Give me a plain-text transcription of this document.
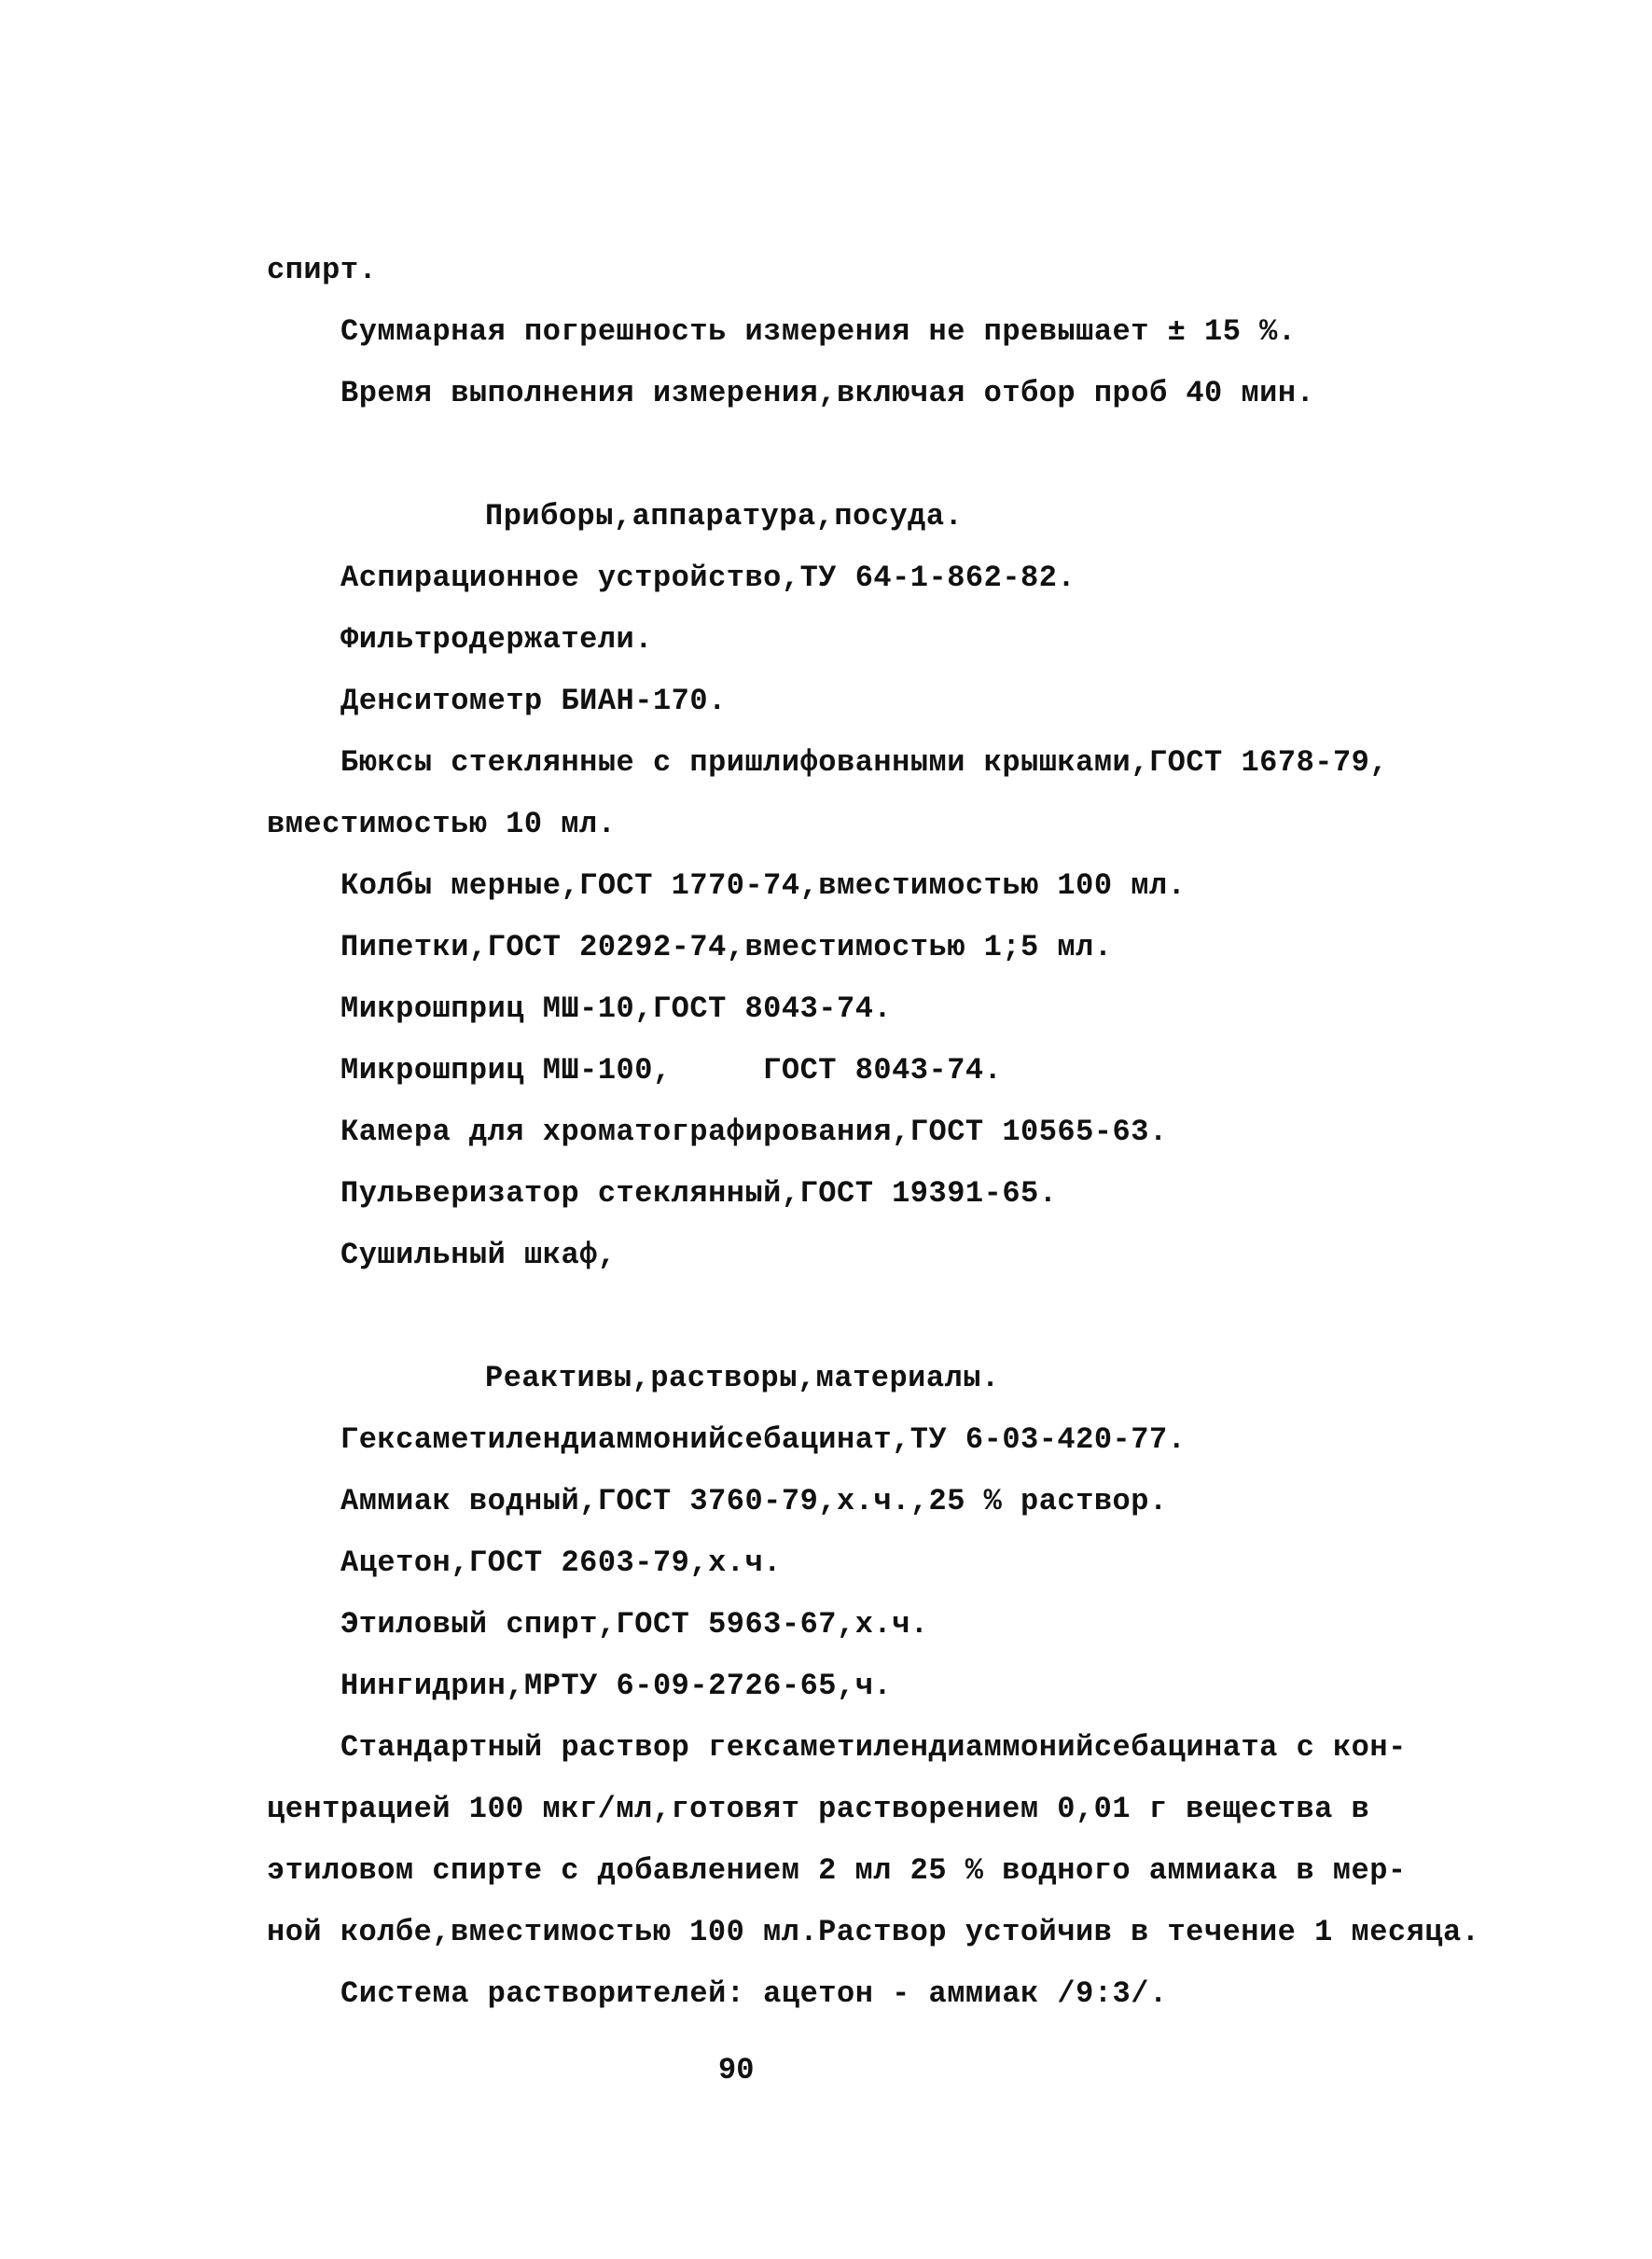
спирт.
Суммарная погрешность измерения не превышает ± 15 %.
Время выполнения измерения,включая отбор проб 40 мин.
Приборы,аппаратура,посуда.
Аспирационное устройство,ТУ 64-1-862-82.
Фильтродержатели.
Денситометр БИАН-170.
Бюксы стеклянные с пришлифованными крышками,ГОСТ 1678-79,
вместимостью 10 мл.
Колбы мерные,ГОСТ 1770-74,вместимостью 100 мл.
Пипетки,ГОСТ 20292-74,вместимостью 1;5 мл.
Микрошприц МШ-10,ГОСТ 8043-74.
Микрошприц МШ-100,     ГОСТ 8043-74.
Камера для хроматографирования,ГОСТ 10565-63.
Пульверизатор стеклянный,ГОСТ 19391-65.
Сушильный шкаф,
Реактивы,растворы,материалы.
Гексаметилендиаммонийсебацинат,ТУ 6-03-420-77.
Аммиак водный,ГОСТ 3760-79,х.ч.,25 % раствор.
Ацетон,ГОСТ 2603-79,х.ч.
Этиловый спирт,ГОСТ 5963-67,х.ч.
Нингидрин,МРТУ 6-09-2726-65,ч.
Стандартный раствор гексаметилендиаммонийсебацината с кон-
центрацией 100 мкг/мл,готовят растворением 0,01 г вещества в
этиловом спирте с добавлением 2 мл 25 % водного аммиака в мер-
ной колбе,вместимостью 100 мл.Раствор устойчив в течение 1 месяца.
Система растворителей: ацетон - аммиак /9:3/.
90
